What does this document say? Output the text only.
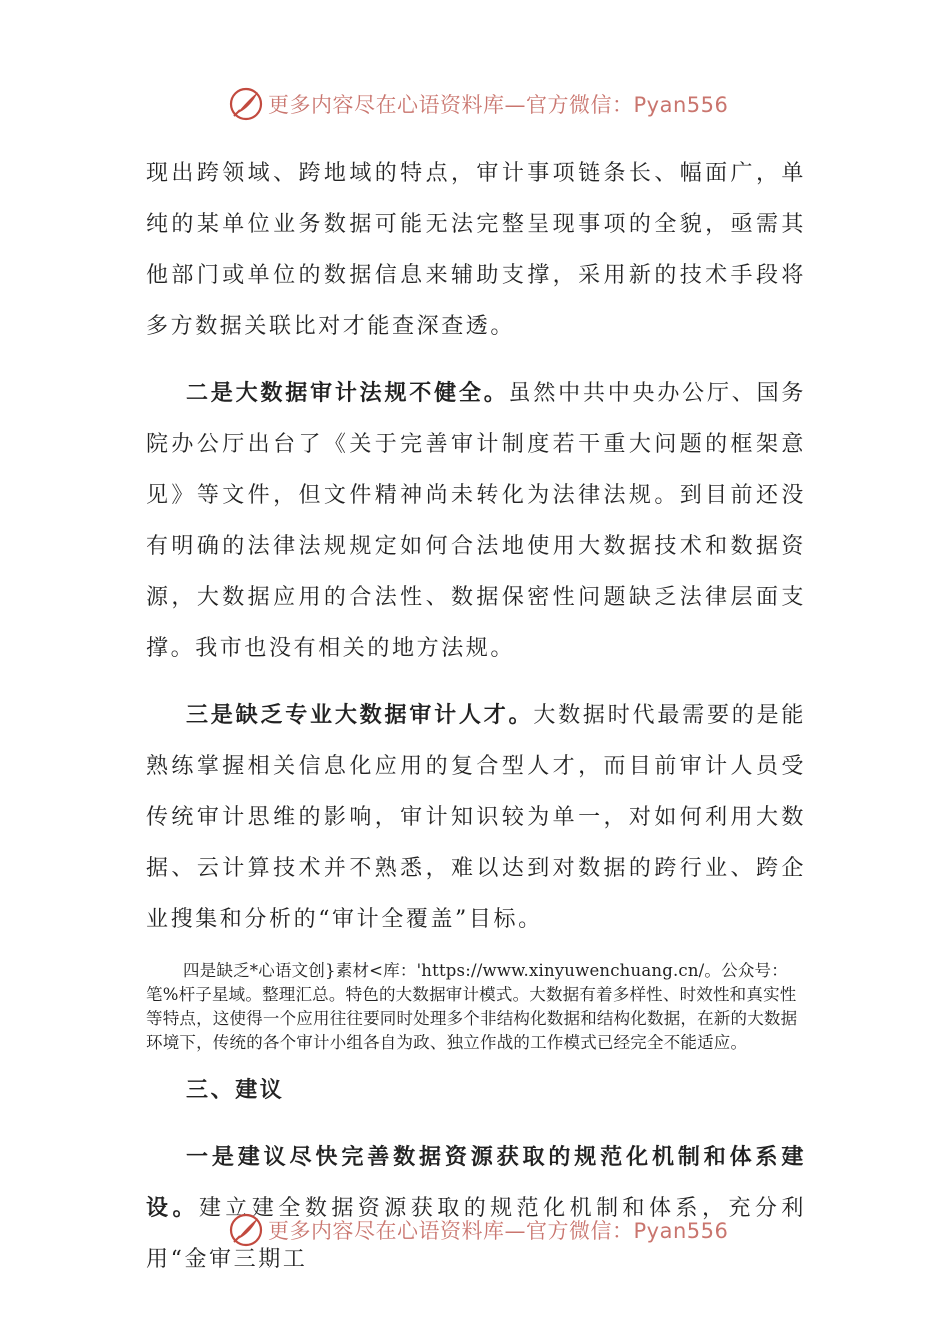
更多内容尽在心语资料库—官方微信：Pyan556

现出跨领域、跨地域的特点，审计事项链条长、幅面广，单纯的某单位业务数据可能无法完整呈现事项的全貌，亟需其他部门或单位的数据信息来辅助支撑，采用新的技术手段将多方数据关联比对才能查深查透。

二是大数据审计法规不健全。虽然中共中央办公厅、国务院办公厅出台了《关于完善审计制度若干重大问题的框架意见》等文件，但文件精神尚未转化为法律法规。到目前还没有明确的法律法规规定如何合法地使用大数据技术和数据资源，大数据应用的合法性、数据保密性问题缺乏法律层面支撑。我市也没有相关的地方法规。

三是缺乏专业大数据审计人才。大数据时代最需要的是能熟练掌握相关信息化应用的复合型人才，而目前审计人员受传统审计思维的影响，审计知识较为单一，对如何利用大数据、云计算技术并不熟悉，难以达到对数据的跨行业、跨企业搜集和分析的“审计全覆盖”目标。

四是缺乏*心语文创}素材<库：'https://www.xinyuwenchuang.cn/。公众号：笔%杆子星域。整理汇总。特色的大数据审计模式。大数据有着多样性、时效性和真实性等特点，这使得一个应用往往要同时处理多个非结构化数据和结构化数据，在新的大数据环境下，传统的各个审计小组各自为政、独立作战的工作模式已经完全不能适应。

三、建议

一是建议尽快完善数据资源获取的规范化机制和体系建设。建立建全数据资源获取的规范化机制和体系，充分利用“金审三期工

更多内容尽在心语资料库—官方微信：Pyan556
